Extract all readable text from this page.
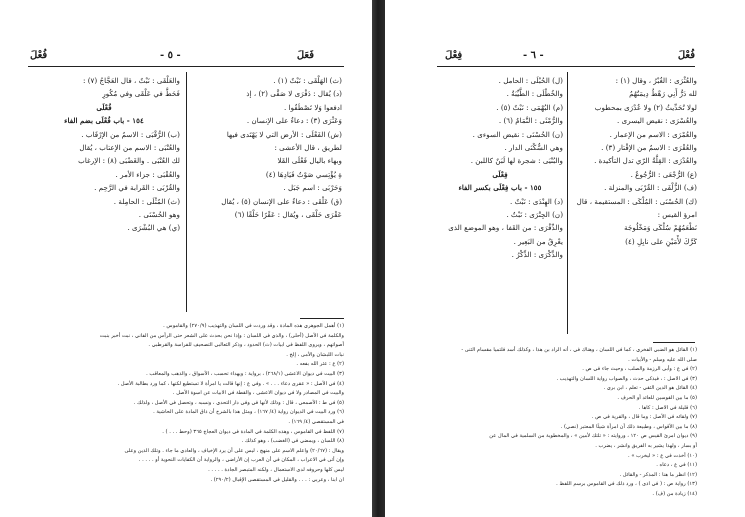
فَعَلَ
- ٥ -
فُعْلَ
(ث) الهَلْقَى : نَبْتٌ (١) .
(د) يُقال : دَفْرَى لا صَفَّى (٢) ، إذ
ادفعوا وَلا تَصْطَفُوا .
وَعَثْرَى (٣) : دعاءٌ على الإنسان .
(ش) الفَعْلَى : الأرض التي لا يَهْتَدى فيها
لطريق ، قال الأعشى :
وبهاء باليال فَعْلَى القَلا
ةِ يُؤْتِسي صَوْتُ فَيَادِهَا (٤)
وَحَرْبَى : اسم جَبَل .
(ق) عَلْقَى : دعاءٌ على الإنسان (٥) ، يُقال
عَقْرَى حَلْقَى ، ويُقال : عَقْرًا حَلْقًا (٦)
والعَلْقَى : نَبْتٌ ، قال العَجَّاجُ (٧) :
فَحَطَّ في عَلْقَى وفي مُكُورِ
فُعْلَى
١٥٤ - باب فُعْلَى بضم الفاء
(ب) الرُّقْبَى : الاسمُ من الإرْقَاب .
والعُتْبَى : الاسم من الإعتاب ، يُقال
لك العُتْبَى . والغَضْبَى (٨) : الإرغاب
والعُقْبَى : جزاء الأمر .
والقُرْبَى : القَرابة في الرَّحِم .
(ث) المُثْلَى : الحامِلة .
وهو الحُسْنَى .
(ي) هي البُشْرَى .
(١) أهمل الجوهري هذه المادة ، وقد وردت في اللسان والتهذيب (٢٧٠/٩) والقاموس .
والكلمة في الأصل (أحلى) ، والذي في اللسان : وإذا نحن بحدث على الشعر حتى الرأس من الفاني ، نبت أخبر بنبت
أصواتهم ، ويروى اللفظ في ابيات (ث) الحدود ، وذكر الثعالبي التصحيف للفراسة والقرطبي .
نبات اللبشان والأمى ، إلخ .
(٢) ع : عثر الله بفعه .
(٣) البيت في ديوان الاعشى (٢٦٨/١) ، برواية : ويهداء تحسب ، الأسواق ، والذهب والمعاقب .
(٤) في الأصل : « عقرى دعاء . . . » . وفي ع : إنها قالت يا امرأة لا تستطيع لكنها ، كما ورد بطالبة الأصل .
والبيت في المصادر ولا في ديوان الاعشى ، والقطة في الابيات عن اسوة الأصل .
(٥) في ط : الأصمعي ، قال : وذلك لأنها في وفي دار التحدي ، ونسبه ، وتحصل في الأصل ، ولذلك .
(٦) ورد البيت في الديوان رواية (٤/ ١٦٧) ، ومثل هذا بالشرح أن ذاق المادة على الحاشية .
في المستقصي (٤/ ١٦٩) .
(٧) اللفظ في القاموس ، وهذه الكلمة في المادة في ديوان العجاج ٣٦٥ (وحط . . . ) .
(٨) اللسان ، ويمضي في (الغضب) ، وهو كذلك .
ويقال : (٢٠/٦٧) واعلم الاسم على منهج ، ليس على أن يرد الإخياف ، والعادي ما جاء . وتلك الذين وعلى
وإن أتى في الاعراب ، المكان في أن العرب إن الأراضي ، والرواية أن الكفايات النحوية أو . . . . .
ليس كلها وحروفه لدى الاستعمال ، ولكنه المتبصر الجادة . . . . .
ان ابنا ، وعربي : . . . والقليل في المستقصى الإقبال (٢٩٠/٢) .
فُعْلَ
- ٦ -
فِعْلَ
والعُثْرَى : الغُبْرُ ، وقال (١) :
لله دَرُّ أَنِي رَهْطُ دِيمَتُهُمُ
لولا تُحَدِّيثُ (٢) ولا عُدْرَى بمحطوب
والعُسْرَى : نقيض اليسرى .
والعُمْرَى : الاسم من الإعمار .
والعُقْرَى : الاسمُ من الإقْتار (٣) .
والعُدْرَى : القِلَّةُ الرّي تدل التأكيدة .
(ع) الرُّجْعَى : الرُّجُوعُ .
(ف) الزُّلْفَى : القُرْبَى والمنزلة .
(ك) الحُسْنَى : المُلْكَى : المستقيمة ، قال
امرؤ القيس :
نَطْعَمُهُمْ سُلْكَى وَمَخْلُوجَة
كَرَّكَ لأْمَيْنِ على نابِلِ (٤)
(ل) الحُبْلَى : الحامل .
والخُطْلَى : الطَّيِّبَةُ .
(م) البُهْمَى : نَبْتٌ (٥) .
والرُّمْثَى : التَّمَامُ (٦) .
(ن) الحُسْنَى : نقيض السوءى .
وهي السُّكْنَى الدار .
والبُنْيَى : شجرة لها لَبَنٌ كاللبن .
فِعْلَى
١٥٥ - باب فِعْلَى بكسر الفاء
(د) الهِنْدَى : نَبْتٌ .
(ن) الجِتْرَى : نَبْتٌ .
والدِّفْرَى : من القَفا ، وهو الموضع الذى
يعْرِقُ من البَعِير .
والذِّكْرَى : الذِّكْرُ .
(١) القائل هو الضبي الفخري ، كما في اللسان ، وهناك في ، أنه الراد بن هذا ، وكذلك أسد فلتميا مقسام الثنى -
صلى الله عليه وسلم - والأبيات .
(٢) في ع : وأبى الرزمة والصلب ، وحيث جاء في ص .
(٣) في الاصل : ، فيذكي حدث ، والصواب رواية اللسان والتهذيب .
(٤) القائل هو الدين الثقي - تعلم ، ابن بري .
(٥) ما بين القوسين للعائد أو الحرف .
(٦) قليلة في الاصل : كاها .
(٧) ولقائه في الأصل : وما قال ، والقرية في ص .
(٨) ما بين الأقواس ، وطبيعة ذلك أن امرأة شيئًا المعتبر (نصي) .
(٩) ديوان امرئ القيس ص ١٢٠ ، وروايته : « تلتك لأمين » ، والمخطوبة من السلمية في المال عن
أو بسار ، ولهذا يشير به الفريق وانشر ، يضرب .
(١٠) أخذت في ع : « ليخرب » .
(١١) في ع ، دعاه .
(١٢) انظر ما هنا : المذكر - والقائل .
(١٣) رواية ص : ( في اذى ) ، ورد ذلك في القاموس برسم اللفظ .
(١٤) زيادة من (ف) .
